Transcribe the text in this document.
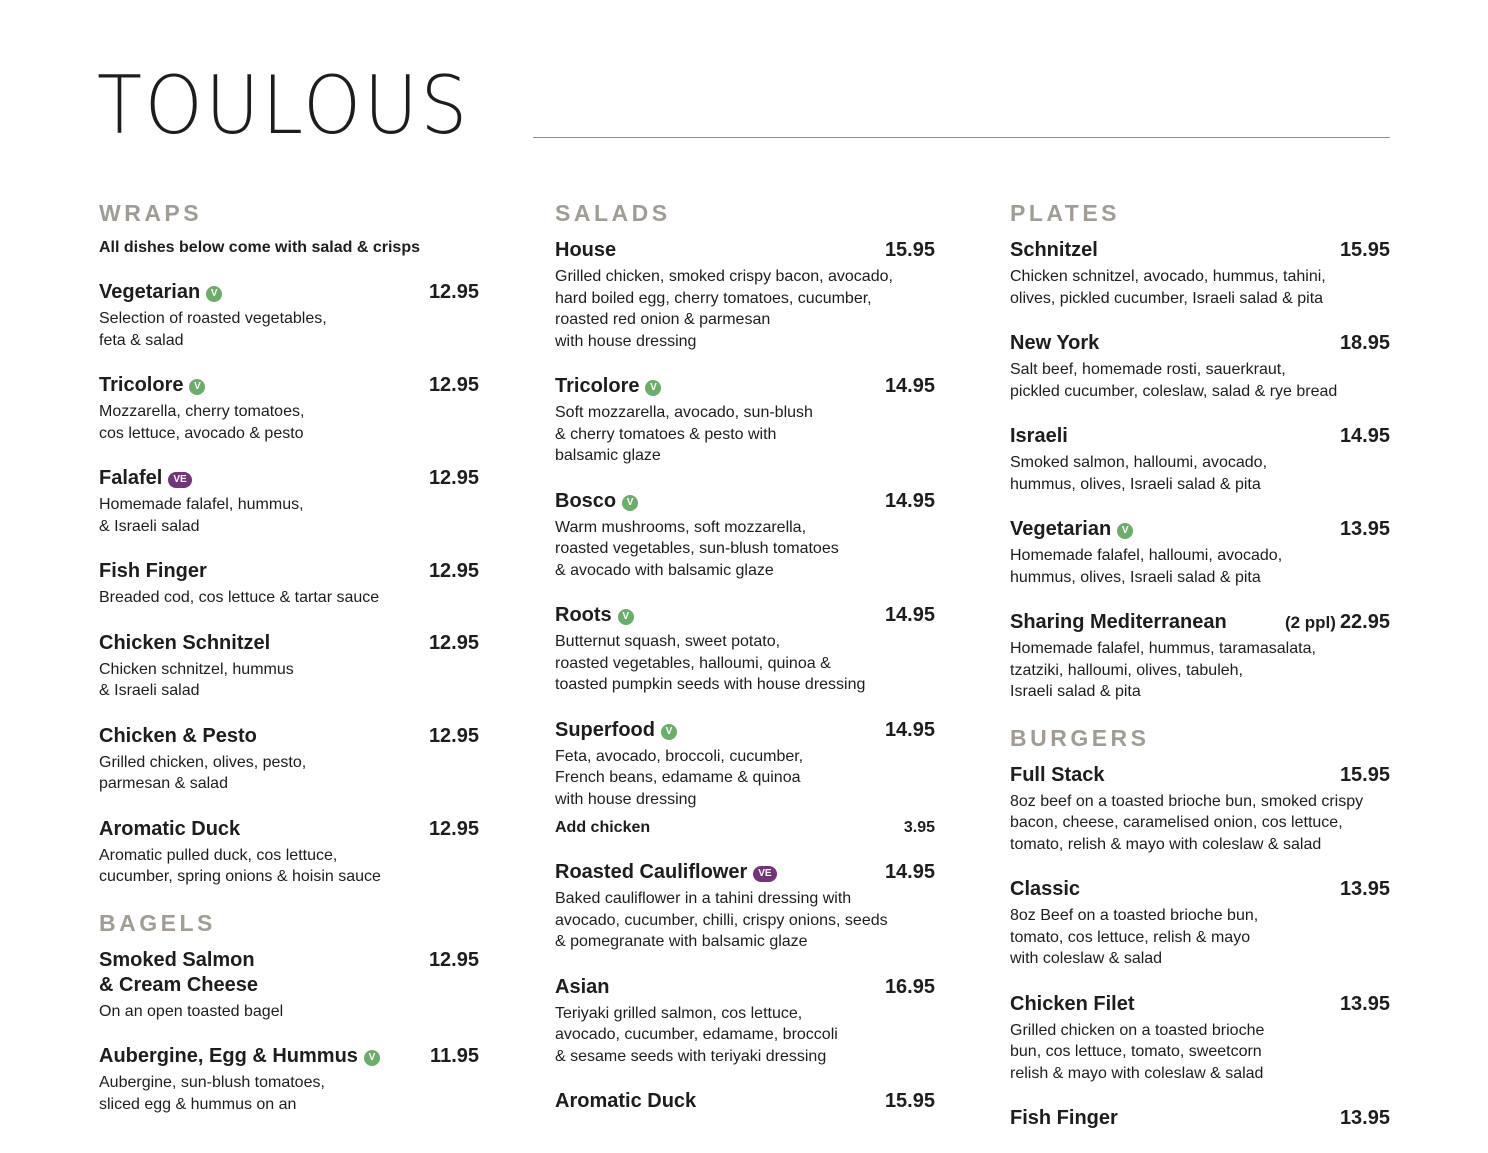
TOULOUS
WRAPS
All dishes below come with salad & crisps
Vegetarian V	12.95
Selection of roasted vegetables,
feta & salad
Tricolore V	12.95
Mozzarella, cherry tomatoes,
cos lettuce, avocado & pesto
Falafel VE	12.95
Homemade falafel, hummus,
& Israeli salad
Fish Finger	12.95
Breaded cod, cos lettuce & tartar sauce
Chicken Schnitzel	12.95
Chicken schnitzel, hummus
& Israeli salad
Chicken & Pesto	12.95
Grilled chicken, olives, pesto,
parmesan & salad
Aromatic Duck	12.95
Aromatic pulled duck, cos lettuce,
cucumber, spring onions & hoisin sauce
BAGELS
Smoked Salmon
& Cream Cheese
12.95
On an open toasted bagel
Aubergine, Egg & Hummus V	11.95
Aubergine, sun-blush tomatoes,
sliced egg & hummus on an
SALADS
House	15.95
Grilled chicken, smoked crispy bacon, avocado,
hard boiled egg, cherry tomatoes, cucumber,
roasted red onion & parmesan
with house dressing
Tricolore V	14.95
Soft mozzarella, avocado, sun-blush
& cherry tomatoes & pesto with
balsamic glaze
Bosco V	14.95
Warm mushrooms, soft mozzarella,
roasted vegetables, sun-blush tomatoes
& avocado with balsamic glaze
Roots V	14.95
Butternut squash, sweet potato,
roasted vegetables, halloumi, quinoa &
toasted pumpkin seeds with house dressing
Superfood V	14.95
Feta, avocado, broccoli, cucumber,
French beans, edamame & quinoa
with house dressing
Add chicken	3.95
Roasted Cauliflower VE	14.95
Baked cauliflower in a tahini dressing with
avocado, cucumber, chilli, crispy onions, seeds
& pomegranate with balsamic glaze
Asian	16.95
Teriyaki grilled salmon, cos lettuce,
avocado, cucumber, edamame, broccoli
& sesame seeds with teriyaki dressing
Aromatic Duck	15.95
PLATES
Schnitzel	15.95
Chicken schnitzel, avocado, hummus, tahini,
olives, pickled cucumber, Israeli salad & pita
New York	18.95
Salt beef, homemade rosti, sauerkraut,
pickled cucumber, coleslaw, salad & rye bread
Israeli	14.95
Smoked salmon, halloumi, avocado,
hummus, olives, Israeli salad & pita
Vegetarian V	13.95
Homemade falafel, halloumi, avocado,
hummus, olives, Israeli salad & pita
Sharing Mediterranean	(2 ppl) 22.95
Homemade falafel, hummus, taramasalata,
tzatziki, halloumi, olives, tabuleh,
Israeli salad & pita
BURGERS
Full Stack	15.95
8oz beef on a toasted brioche bun, smoked crispy
bacon, cheese, caramelised onion, cos lettuce,
tomato, relish & mayo with coleslaw & salad
Classic	13.95
8oz Beef on a toasted brioche bun,
tomato, cos lettuce, relish & mayo
with coleslaw & salad
Chicken Filet	13.95
Grilled chicken on a toasted brioche
bun, cos lettuce, tomato, sweetcorn
relish & mayo with coleslaw & salad
Fish Finger	13.95
